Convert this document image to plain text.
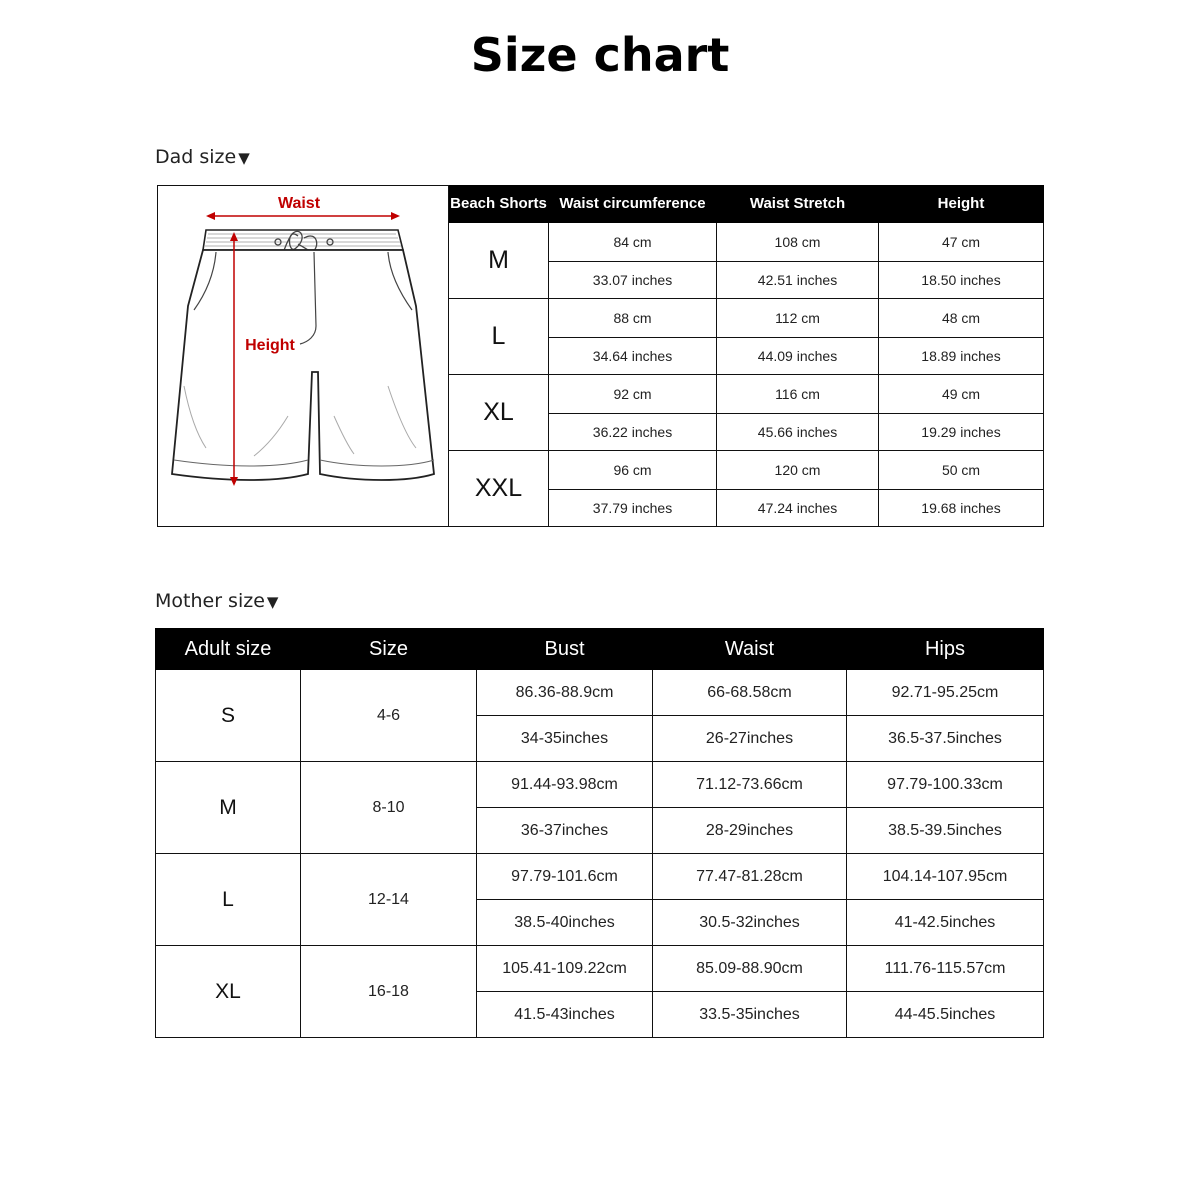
Size chart
Dad size ▼
Waist
Height	Beach Shorts	Waist circumference	Waist Stretch	Height
	M	84 cm	108 cm	47 cm
		33.07 inches	42.51 inches	18.50 inches
	L	88 cm	112 cm	48 cm
		34.64 inches	44.09 inches	18.89 inches
	XL	92 cm	116 cm	49 cm
		36.22 inches	45.66 inches	19.29 inches
	XXL	96 cm	120 cm	50 cm
		37.79 inches	47.24 inches	19.68 inches
Mother size ▼
Adult size	Size	Bust	Waist	Hips
S	4-6	86.36-88.9cm	66-68.58cm	92.71-95.25cm
		34-35inches	26-27inches	36.5-37.5inches
M	8-10	91.44-93.98cm	71.12-73.66cm	97.79-100.33cm
		36-37inches	28-29inches	38.5-39.5inches
L	12-14	97.79-101.6cm	77.47-81.28cm	104.14-107.95cm
		38.5-40inches	30.5-32inches	41-42.5inches
XL	16-18	105.41-109.22cm	85.09-88.90cm	111.76-115.57cm
		41.5-43inches	33.5-35inches	44-45.5inches
